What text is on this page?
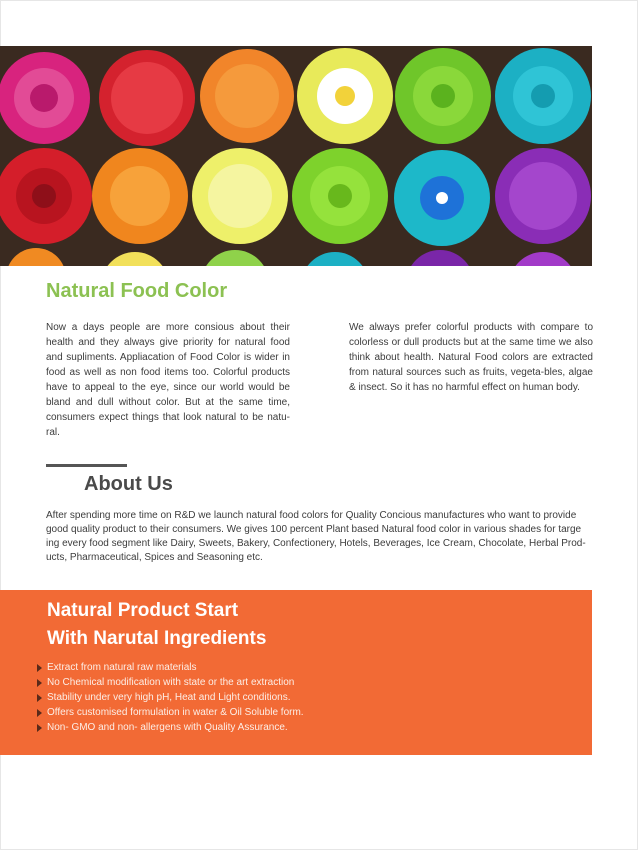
Natural Food Color

Now a days people are more consious about their health and they always give priority for natural food and supliments. Appliacation of Food Color is wider in food as well as non food items too. Colorful products have to appeal to the eye, since our world would be bland and dull without color. But at the same time, consumers expect things that look natural to be natu-ral.

We always prefer colorful products with compare to colorless or dull products but at the same time we also think about health. Natural Food colors are extracted from natural sources such as fruits, vegeta-bles, algae & insect. So it has no harmful effect on human body.

About Us

After spending more time on R&D we launch natural food colors for Quality Concious manufactures who want to provide good quality product to their consumers. We gives 100 percent Plant based Natural food color in various shades for targe ing every food segment like Dairy, Sweets, Bakery, Confectionery, Hotels, Beverages, Ice Cream, Chocolate, Herbal Prod-ucts, Pharmaceutical, Spices and Seasoning etc.

Natural Product Start
With Narutal Ingredients
Extract from natural raw materials
No Chemical modification with state or the art extraction
Stability under very high pH, Heat and Light conditions.
Offers customised formulation in water & Oil Soluble form.
Non- GMO and non- allergens with Quality Assurance.
